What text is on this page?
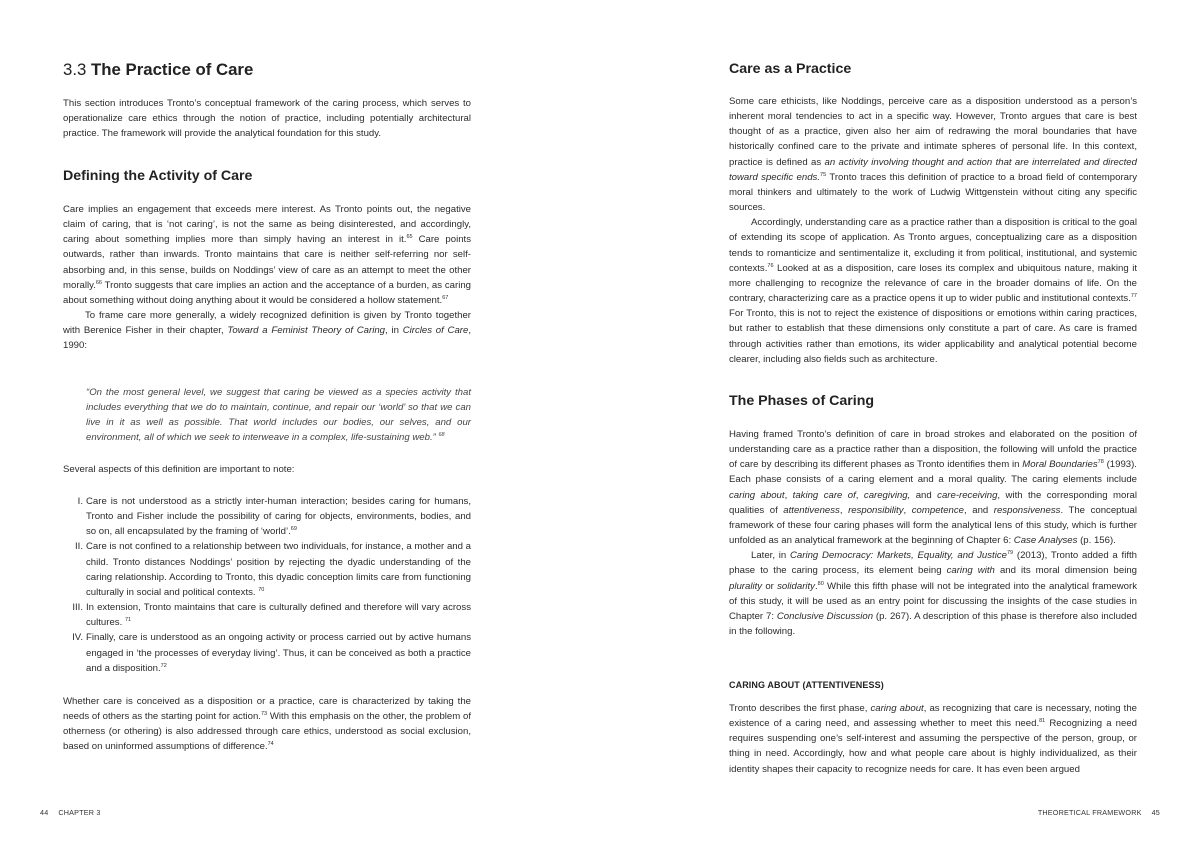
3.3 The Practice of Care

This section introduces Tronto’s conceptual framework of the caring process, which serves to operationalize care ethics through the notion of practice, including potentially architectural practice. The framework will provide the analytical foundation for this study.

Defining the Activity of Care

Care implies an engagement that exceeds mere interest. As Tronto points out, the negative claim of caring, that is ‘not caring’, is not the same as being disinterested, and accordingly, caring about something implies more than simply having an interest in it.$^{65}$ Care points outwards, rather than inwards. Tronto maintains that care is neither self-referring nor self-absorbing and, in this sense, builds on Noddings’ view of care as an attempt to meet the other morally.$^{66}$ Tronto suggests that care implies an action and the acceptance of a burden, as caring about something without doing anything about it would be considered a hollow statement.$^{67}$

To frame care more generally, a widely recognized definition is given by Tronto together with Berenice Fisher in their chapter, Toward a Feminist Theory of Caring, in Circles of Care, 1990:

“On the most general level, we suggest that caring be viewed as a species activity that includes everything that we do to maintain, continue, and repair our ‘world’ so that we can live in it as well as possible. That world includes our bodies, our selves, and our environment, all of which we seek to interweave in a complex, life-sustaining web.” $^{68}$

Several aspects of this definition are important to note:

I. Care is not understood as a strictly inter-human interaction; besides caring for humans, Tronto and Fisher include the possibility of caring for objects, environments, bodies, and so on, all encapsulated by the framing of ‘world’.$^{69}$
II. Care is not confined to a relationship between two individuals, for instance, a mother and a child. Tronto distances Noddings’ position by rejecting the dyadic understanding of the caring relationship. According to Tronto, this dyadic conception limits care from functioning culturally in social and political contexts. $^{70}$
III. In extension, Tronto maintains that care is culturally defined and therefore will vary across cultures. $^{71}$
IV. Finally, care is understood as an ongoing activity or process carried out by active humans engaged in ‘the processes of everyday living’. Thus, it can be conceived as both a practice and a disposition.$^{72}$

Whether care is conceived as a disposition or a practice, care is characterized by taking the needs of others as the starting point for action.$^{73}$ With this emphasis on the other, the problem of otherness (or othering) is also addressed through care ethics, understood as social exclusion, based on uninformed assumptions of difference.$^{74}$

Care as a Practice

Some care ethicists, like Noddings, perceive care as a disposition understood as a person’s inherent moral tendencies to act in a specific way. However, Tronto argues that care is best thought of as a practice, given also her aim of redrawing the moral boundaries that have historically confined care to the private and intimate spheres of personal life. In this context, practice is defined as an activity involving thought and action that are interrelated and directed toward specific ends.$^{75}$ Tronto traces this definition of practice to a broad field of contemporary moral thinkers and ultimately to the work of Ludwig Wittgenstein without citing any specific sources.

Accordingly, understanding care as a practice rather than a disposition is critical to the goal of extending its scope of application. As Tronto argues, conceptualizing care as a disposition tends to romanticize and sentimentalize it, excluding it from political, institutional, and systemic contexts.$^{76}$ Looked at as a disposition, care loses its complex and ubiquitous nature, making it more challenging to recognize the relevance of care in the broader domains of life. On the contrary, characterizing care as a practice opens it up to wider public and institutional contexts.$^{77}$ For Tronto, this is not to reject the existence of dispositions or emotions within caring practices, but rather to establish that these dimensions only constitute a part of care. As care is framed through activities rather than emotions, its wider applicability and analytical potential become clearer, including also fields such as architecture.

The Phases of Caring

Having framed Tronto’s definition of care in broad strokes and elaborated on the position of understanding care as a practice rather than a disposition, the following will unfold the practice of care by describing its different phases as Tronto identifies them in Moral Boundaries$^{78}$ (1993). Each phase consists of a caring element and a moral quality. The caring elements include caring about, taking care of, caregiving, and care-receiving, with the corresponding moral qualities of attentiveness, responsibility, competence, and responsiveness. The conceptual framework of these four caring phases will form the analytical lens of this study, which is further unfolded as an analytical framework at the beginning of Chapter 6: Case Analyses (p. 156).

Later, in Caring Democracy: Markets, Equality, and Justice$^{79}$ (2013), Tronto added a fifth phase to the caring process, its element being caring with and its moral dimension being plurality or solidarity.$^{80}$ While this fifth phase will not be integrated into the analytical framework of this study, it will be used as an entry point for discussing the insights of the case studies in Chapter 7: Conclusive Discussion (p. 267). A description of this phase is therefore also included in the following.

CARING ABOUT (ATTENTIVENESS)

Tronto describes the first phase, caring about, as recognizing that care is necessary, noting the existence of a caring need, and assessing whether to meet this need.$^{81}$ Recognizing a need requires suspending one’s self-interest and assuming the perspective of the person, group, or thing in need. Accordingly, how and what people care about is highly individualized, as their identity shapes their capacity to recognize needs for care. It has even been argued

44 CHAPTER 3	THEORETICAL FRAMEWORK 45
